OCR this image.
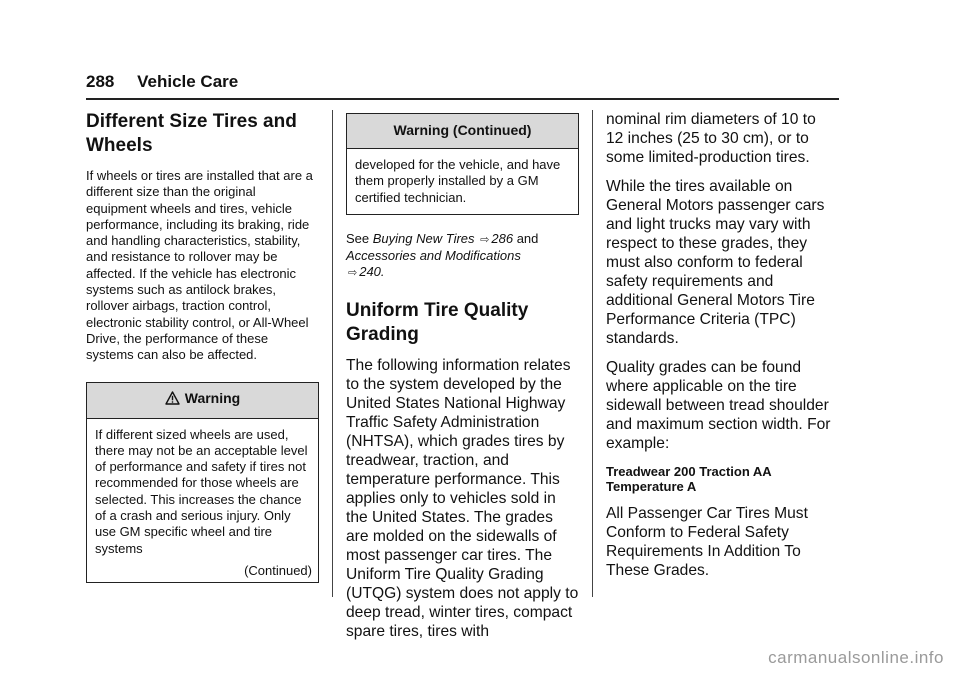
288 Vehicle Care
Different Size Tires and Wheels

If wheels or tires are installed that are a different size than the original equipment wheels and tires, vehicle performance, including its braking, ride and handling characteristics, stability, and resistance to rollover may be affected. If the vehicle has electronic systems such as antilock brakes, rollover airbags, traction control, electronic stability control, or All-Wheel Drive, the performance of these systems can also be affected.

Warning
If different sized wheels are used, there may not be an acceptable level of performance and safety if tires not recommended for those wheels are selected. This increases the chance of a crash and serious injury. Only use GM specific wheel and tire systems
(Continued)
Warning (Continued)
developed for the vehicle, and have them properly installed by a GM certified technician.

See Buying New Tires ⇨ 286 and Accessories and Modifications
⇨ 240.

Uniform Tire Quality Grading

The following information relates to the system developed by the United States National Highway Traffic Safety Administration (NHTSA), which grades tires by treadwear, traction, and temperature performance. This applies only to vehicles sold in the United States. The grades are molded on the sidewalls of most passenger car tires. The Uniform Tire Quality Grading (UTQG) system does not apply to deep tread, winter tires, compact spare tires, tires with

nominal rim diameters of 10 to 12 inches (25 to 30 cm), or to some limited-production tires.

While the tires available on General Motors passenger cars and light trucks may vary with respect to these grades, they must also conform to federal safety requirements and additional General Motors Tire Performance Criteria (TPC) standards.

Quality grades can be found where applicable on the tire sidewall between tread shoulder and maximum section width. For example:

Treadwear 200 Traction AA

Temperature A

All Passenger Car Tires Must Conform to Federal Safety Requirements In Addition To These Grades.

carmanualsonline.info
